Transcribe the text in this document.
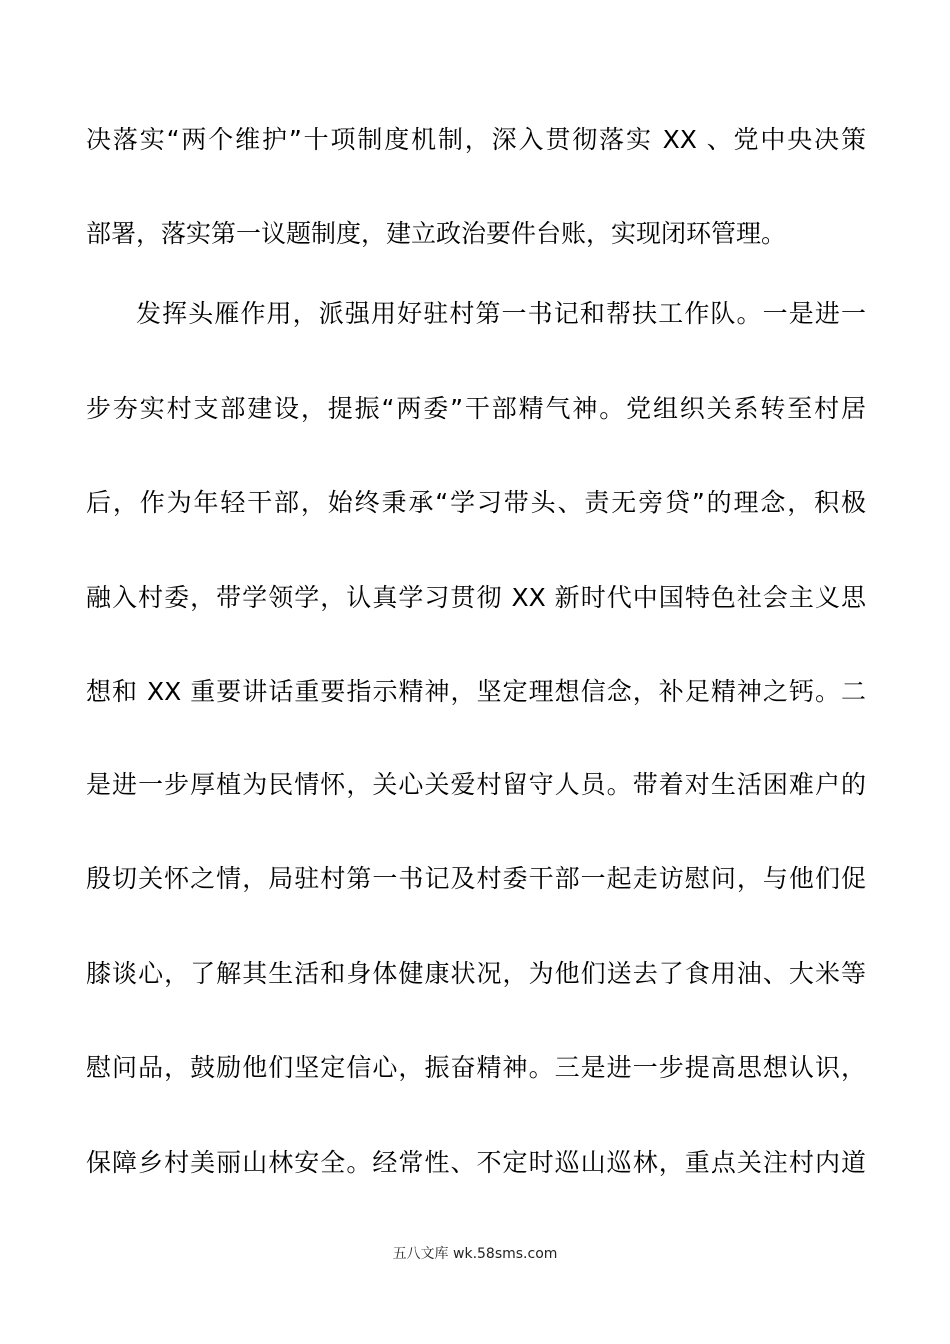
决落实“两个维护”十项制度机制，深入贯彻落实 XX 、党中央决策
部署，落实第一议题制度，建立政治要件台账，实现闭环管理。
发挥头雁作用，派强用好驻村第一书记和帮扶工作队。一是进一
步夯实村支部建设，提振“两委”干部精气神。党组织关系转至村居
后，作为年轻干部，始终秉承“学习带头、责无旁贷”的理念，积极
融入村委，带学领学，认真学习贯彻 XX 新时代中国特色社会主义思
想和 XX 重要讲话重要指示精神，坚定理想信念，补足精神之钙。二
是进一步厚植为民情怀，关心关爱村留守人员。带着对生活困难户的
殷切关怀之情，局驻村第一书记及村委干部一起走访慰问，与他们促
膝谈心，了解其生活和身体健康状况，为他们送去了食用油、大米等
慰问品，鼓励他们坚定信心，振奋精神。三是进一步提高思想认识，
保障乡村美丽山林安全。经常性、不定时巡山巡林，重点关注村内道
五八文库 wk.58sms.com
